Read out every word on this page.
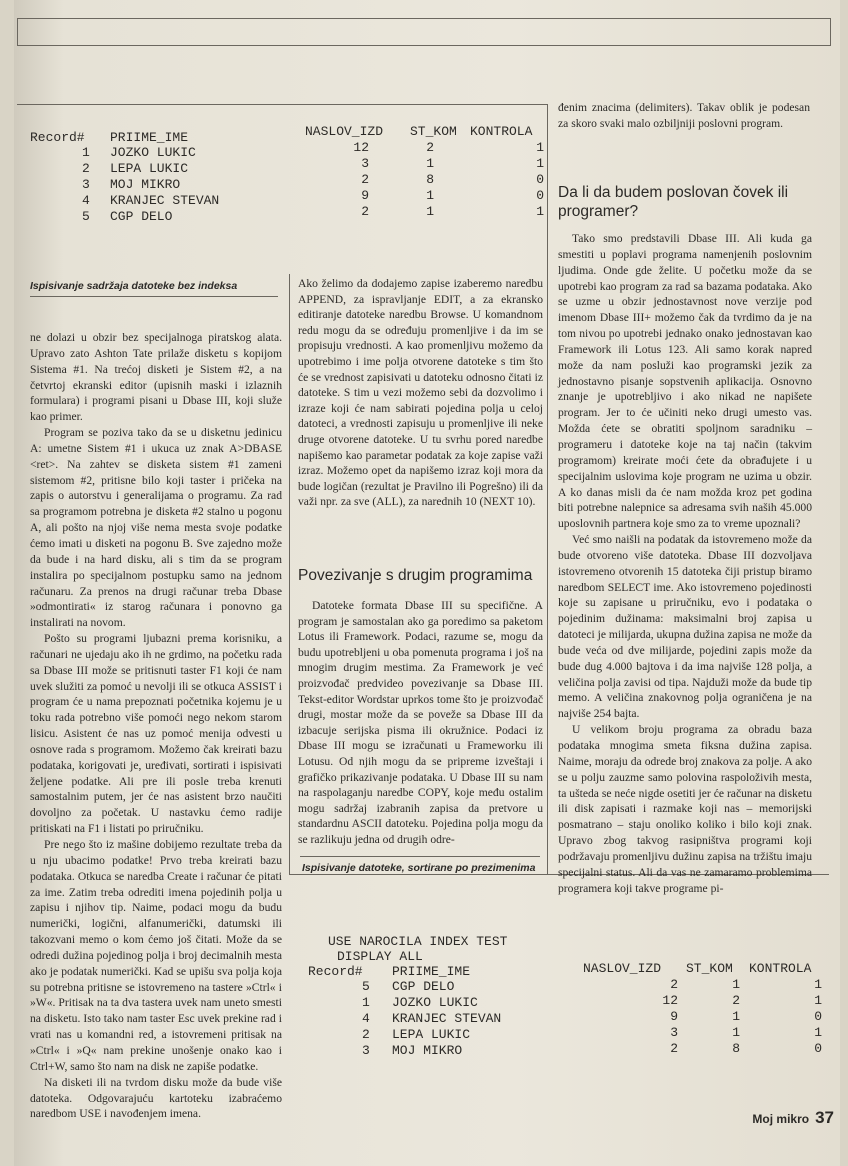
Record# PRIIME_IME	NASLOV_IZD ST_KOM KONTROLA
1 JOZKO LUKIC	12	2	1
2 LEPA LUKIC	3	1	1
3 MOJ MIKRO	2	8	0
4 KRANJEC STEVAN	9	1	0
5 CGP DELO	2	1	1
Ispisivanje sadržaja datoteke bez indeksa
USE NAROCILA INDEX TEST
DISPLAY ALL
Record# PRIIME_IME	NASLOV_IZD ST_KOM KONTROLA
5 CGP DELO	2	1	1
1 JOZKO LUKIC	12	2	1
4 KRANJEC STEVAN	9	1	0
2 LEPA LUKIC	3	1	1
3 MOJ MIKRO	2	8	0
Ispisivanje datoteke, sortirane po prezimenima

ne dolazi u obzir bez specijalnoga piratskog alata. Upravo zato Ashton Tate prilaže disketu s kopijom Sistema #1. Na trećoj disketi je Sistem #2, a na četvrtoj ekranski editor (upisnih maski i izlaznih formulara) i programi pisani u Dbase III, koji služe kao primer.

Program se poziva tako da se u disketnu jedinicu A: umetne Sistem #1 i ukuca uz znak A>DBASE <ret>. Na zahtev se disketa sistem #1 zameni sistemom #2, pritisne bilo koji taster i pričeka na zapis o autorstvu i generalijama o programu. Za rad sa programom potrebna je disketa #2 stalno u pogonu A, ali pošto na njoj više nema mesta svoje podatke ćemo imati u disketi na pogonu B. Sve zajedno može da bude i na hard disku, ali s tim da se program instalira po specijalnom postupku samo na jednom računaru. Za prenos na drugi računar treba Dbase »odmontirati« iz starog računara i ponovno ga instalirati na novom.

Pošto su programi ljubazni prema korisniku, a računari ne ujedaju ako ih ne grdimo, na početku rada sa Dbase III može se pritisnuti taster F1 koji će nam uvek služiti za pomoć u nevolji ili se otkuca ASSIST i program će u nama prepoznati početnika kojemu je u toku rada potrebno više pomoći nego nekom starom lisicu. Asistent će nas uz pomoć menija odvesti u osnove rada s programom. Možemo čak kreirati bazu podataka, korigovati je, uređivati, sortirati i ispisivati željene podatke. Ali pre ili posle treba krenuti samostalnim putem, jer će nas asistent brzo naučiti dovoljno za početak. U nastavku ćemo radije pritiskati na F1 i listati po priručniku.

Pre nego što iz mašine dobijemo rezultate treba da u nju ubacimo podatke! Prvo treba kreirati bazu podataka. Otkuca se naredba Create i računar će pitati za ime. Zatim treba odrediti imena pojedinih polja u zapisu i njihov tip. Naime, podaci mogu da budu numerički, logični, alfanumerički, datumski ili takozvani memo o kom ćemo još čitati. Može da se odredi dužina pojedinog polja i broj decimalnih mesta ako je podatak numerički. Kad se upišu sva polja koja su potrebna pritisne se istovremeno na tastere »Ctrl« i »W«. Pritisak na ta dva tastera uvek nam uneto smesti na disketu. Isto tako nam taster Esc uvek prekine rad i vrati nas u komandni red, a istovremeni pritisak na »Ctrl« i »Q« nam prekine unošenje onako kao i Ctrl+W, samo što nam na disk ne zapiše podatke.

Na disketi ili na tvrdom disku može da bude više datoteka. Odgovarajuću kartoteku izabraćemo naredbom USE i navođenjem imena.

Ako želimo da dodajemo zapise izaberemo naredbu APPEND, za ispravljanje EDIT, a za ekransko editiranje datoteke naredbu Browse. U komandnom redu mogu da se određuju promenljive i da im se propisuju vrednosti. A kao promenljivu možemo da upotrebimo i ime polja otvorene datoteke s tim što će se vrednost zapisivati u datoteku odnosno čitati iz datoteke. S tim u vezi možemo sebi da dozvolimo i izraze koji će nam sabirati pojedina polja u celoj datoteci, a vrednosti zapisuju u promenljive ili neke druge otvorene datoteke. U tu svrhu pored naredbe napišemo kao parametar podatak za koje zapise važi izraz. Možemo opet da napišemo izraz koji mora da bude logičan (rezultat je Pravilno ili Pogrešno) ili da važi npr. za sve (ALL), za narednih 10 (NEXT 10).

Povezivanje s drugim programima

Datoteke formata Dbase III su specifične. A program je samostalan ako ga poredimo sa paketom Lotus ili Framework. Podaci, razume se, mogu da budu upotrebljeni u oba pomenuta programa i još na mnogim drugim mestima. Za Framework je već proizvođač predvideo povezivanje sa Dbase III. Tekst-editor Wordstar uprkos tome što je proizvođač drugi, mostar može da se poveže sa Dbase III da izbacuje serijska pisma ili okružnice. Podaci iz Dbase III mogu se izračunati u Frameworku ili Lotusu. Od njih mogu da se pripreme izveštaji i grafičko prikazivanje podataka. U Dbase III su nam na raspolaganju naredbe COPY, koje među ostalim mogu sadržaj izabranih zapisa da pretvore u standardnu ASCII datoteku. Pojedina polja mogu da se razlikuju jedna od drugih odre-

đenim znacima (delimiters). Takav oblik je podesan za skoro svaki malo ozbiljniji poslovni program.

Da li da budem poslovan čovek ili programer?

Tako smo predstavili Dbase III. Ali kuda ga smestiti u poplavi programa namenjenih poslovnim ljudima. Onde gde želite. U početku može da se upotrebi kao program za rad sa bazama podataka. Ako se uzme u obzir jednostavnost nove verzije pod imenom Dbase III+ možemo čak da tvrdimo da je na tom nivou po upotrebi jednako onako jednostavan kao Framework ili Lotus 123. Ali samo korak napred može da nam posluži kao programski jezik za jednostavno pisanje sopstvenih aplikacija. Osnovno znanje je upotrebljivo i ako nikad ne napišete program. Jer to će učiniti neko drugi umesto vas. Možda ćete se obratiti spoljnom saradniku – programeru i datoteke koje na taj način (takvim programom) kreirate moći ćete da obrađujete i u specijalnim uslovima koje program ne uzima u obzir. A ko danas misli da će nam možda kroz pet godina biti potrebne nalepnice sa adresama svih naših 45.000 uposlovnih partnera koje smo za to vreme upoznali?

Već smo naišli na podatak da istovremeno može da bude otvoreno više datoteka. Dbase III dozvoljava istovremeno otvorenih 15 datoteka čiji pristup biramo naredbom SELECT ime. Ako istovremeno pojedinosti koje su zapisane u priručniku, evo i podataka o pojedinim dužinama: maksimalni broj zapisa u datoteci je milijarda, ukupna dužina zapisa ne može da bude veća od dve milijarde, pojedini zapis može da bude dug 4.000 bajtova i da ima najviše 128 polja, a veličina polja zavisi od tipa. Najduži može da bude tip memo. A veličina znakovnog polja ograničena je na najviše 254 bajta.

U velikom broju programa za obradu baza podataka mnogima smeta fiksna dužina zapisa. Naime, moraju da odrede broj znakova za polje. A ako se u polju zauzme samo polovina raspoloživih mesta, ta ušteda se neće nigde osetiti jer će računar na disketu ili disk zapisati i razmake koji nas – memorijski posmatrano – staju onoliko koliko i bilo koji znak. Upravo zbog takvog rasipništva programi koji podržavaju promenljivu dužinu zapisa na tržištu imaju specijalni status. Ali da vas ne zamaramo problemima programera koji takve programe pi-

Moj mikro 37
